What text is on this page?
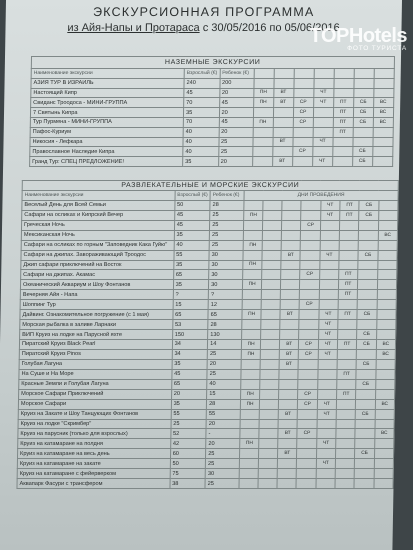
ЭКСКУРСИОННАЯ ПРОГРАММА
из Айя-Напы и Протараса с 30/05/2016 по 05/06/2016
НАЗЕМНЫЕ ЭКСКУРСИИ									
Наименование экскурсии	Взрослый (€)	Ребенок (€)							
АЗИЯ ТУР В ИЗРАИЛЬ	240	200							
Настоящий Кипр	45	20	ПН	ВТ		ЧТ			
Свиданс Троодоса - МИНИ-ГРУППА	70	45	ПН	ВТ	СР	ЧТ	ПТ	СБ	ВС
7 Святынь Кипра	35	20			СР		ПТ	СБ	ВС
Тур Пурмена - МИНИ-ГРУППА	70	45	ПН		СР		ПТ	СБ	ВС
Пафос-Куриум	40	20					ПТ		
Никосия - Лефкара	40	25		ВТ		ЧТ			
Православное Наследие Кипра	40	25			СР			СБ	
Гранд Тур: СПЕЦ ПРЕДЛОЖЕНИЕ!	35	20		ВТ		ЧТ		СБ	
РАЗВЛЕКАТЕЛЬНЫЕ И МОРСКИЕ ЭКСКУРСИИ										
Наименование экскурсии	Взрослый (€)	Ребенок (€)	ДНИ ПРОВЕДЕНИЯ							
Веселый День для Всей Семьи	50	28					ЧТ	ПТ	СБ	
Сафари на осликах и Кипрский Вечер	45	25	ПН				ЧТ	ПТ	СБ	
Греческая Ночь	45	25				СР				
Мексиканская Ночь	35	25								ВС
Сафари на осликах по горным "Заповедник Кака Гуйю"	40	25	ПН							
Сафари на джипах. Завораживающий Троодос	55	30			ВТ		ЧТ		СБ	
Джип сафари приключений на Восток	35	30	ПН							
Сафари на джипах. Акамас	65	30				СР		ПТ		
Океанический Аквариум и Шоу Фонтанов	35	30	ПН					ПТ		
Вечерняя Айя - Напа	?	?						ПТ		
Шоппинг Тур	15	12				СР				
Дайвинг. Ознакомительное погружение (с 1 мая)	65	65	ПН		ВТ		ЧТ	ПТ	СБ	
Морская рыбалка в заливе Ларнаки	53	28					ЧТ			
ВИП Круиз на лодке на Парусной яхте	150	130					ЧТ		СБ	
Пиратский Круиз Black Pearl	34	14	ПН		ВТ	СР	ЧТ	ПТ	СБ	ВС
Пиратский Круиз Pinos	34	25	ПН		ВТ	СР	ЧТ			ВС
Голубая Лагуна	35	20			ВТ				СБ	
На Суше и На Море	45	25						ПТ		
Красные Земли и Голубая Лагуна	65	40							СБ	
Морское Сафари Приключений	20	15	ПН			СР		ПТ		
Морское Сафари	35	28	ПН			СР	ЧТ			ВС
Круиз на Закате и Шоу Танцующих Фонтанов	55	55			ВТ		ЧТ		СБ	
Круиз на лодке "Скримбер"	25	20								
Круиз на парусник (только для взрослых)	52	-			ВТ	СР				ВС
Круиз на катамаране на полдня	42	20	ПН				ЧТ			
Круиз на катамаране на весь день	60	25			ВТ				СБ	
Круиз на катамаране на закате	50	25					ЧТ			
Круиз на катамаране с фейерверком	75	30								
Аквапарк Фасури с трансфером	38	25								
TOPHotels
ФОТО ТУРИСТА
